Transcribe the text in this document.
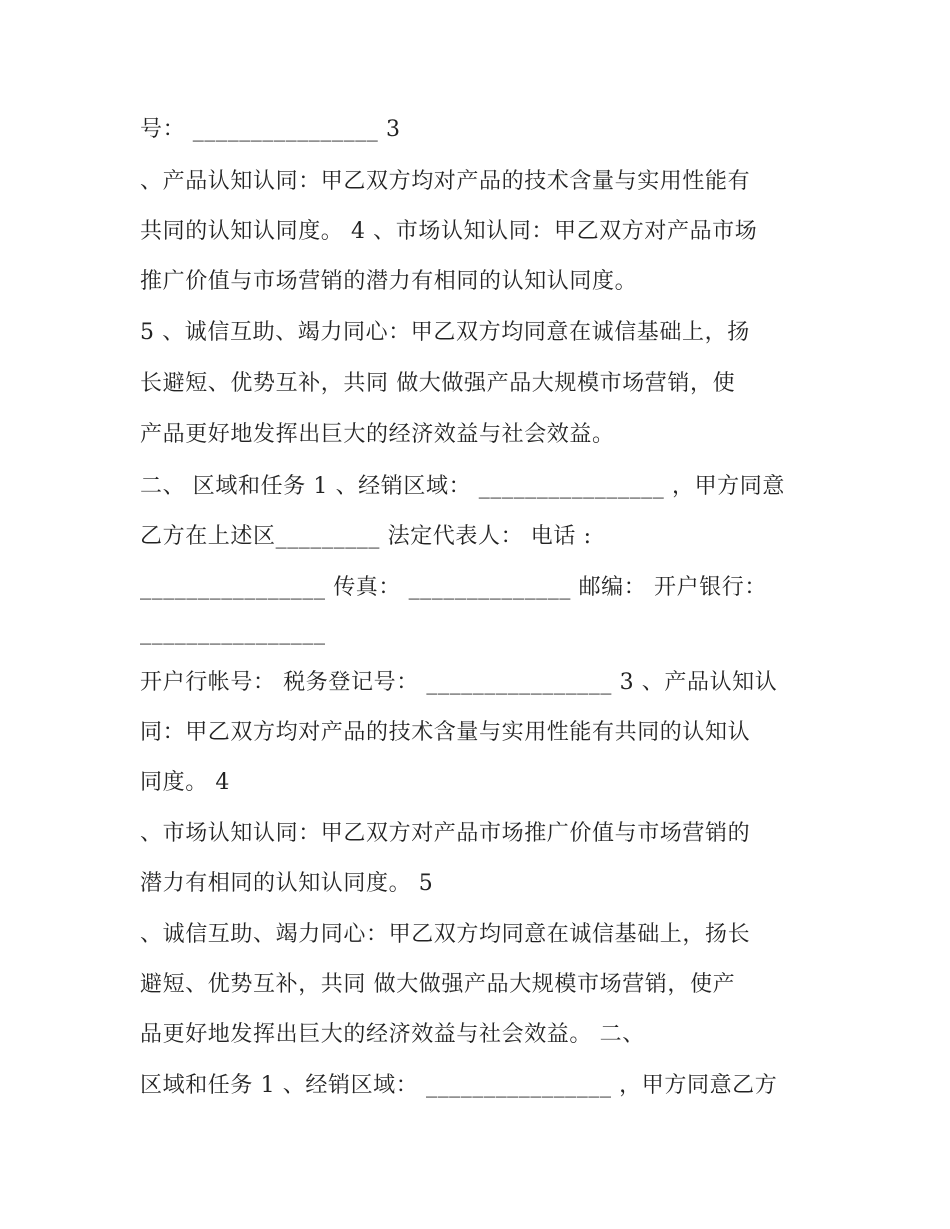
号： ________________ 3
、产品认知认同：甲乙双方均对产品的技术含量与实用性能有
共同的认知认同度。 4 、市场认知认同：甲乙双方对产品市场
推广价值与市场营销的潜力有相同的认知认同度。
5 、诚信互助、竭力同心：甲乙双方均同意在诚信基础上，扬
长避短、优势互补，共同 做大做强产品大规模市场营销，使
产品更好地发挥出巨大的经济效益与社会效益。
二、 区域和任务 1 、经销区域： ________________ ，甲方同意
乙方在上述区_________ 法定代表人： 电话 :
________________ 传真： ______________ 邮编： 开户银行：
________________
开户行帐号： 税务登记号： ________________ 3 、产品认知认
同：甲乙双方均对产品的技术含量与实用性能有共同的认知认
同度。 4
、市场认知认同：甲乙双方对产品市场推广价值与市场营销的
潜力有相同的认知认同度。 5
、诚信互助、竭力同心：甲乙双方均同意在诚信基础上，扬长
避短、优势互补，共同 做大做强产品大规模市场营销，使产
品更好地发挥出巨大的经济效益与社会效益。 二、
区域和任务 1 、经销区域： ________________ ，甲方同意乙方
